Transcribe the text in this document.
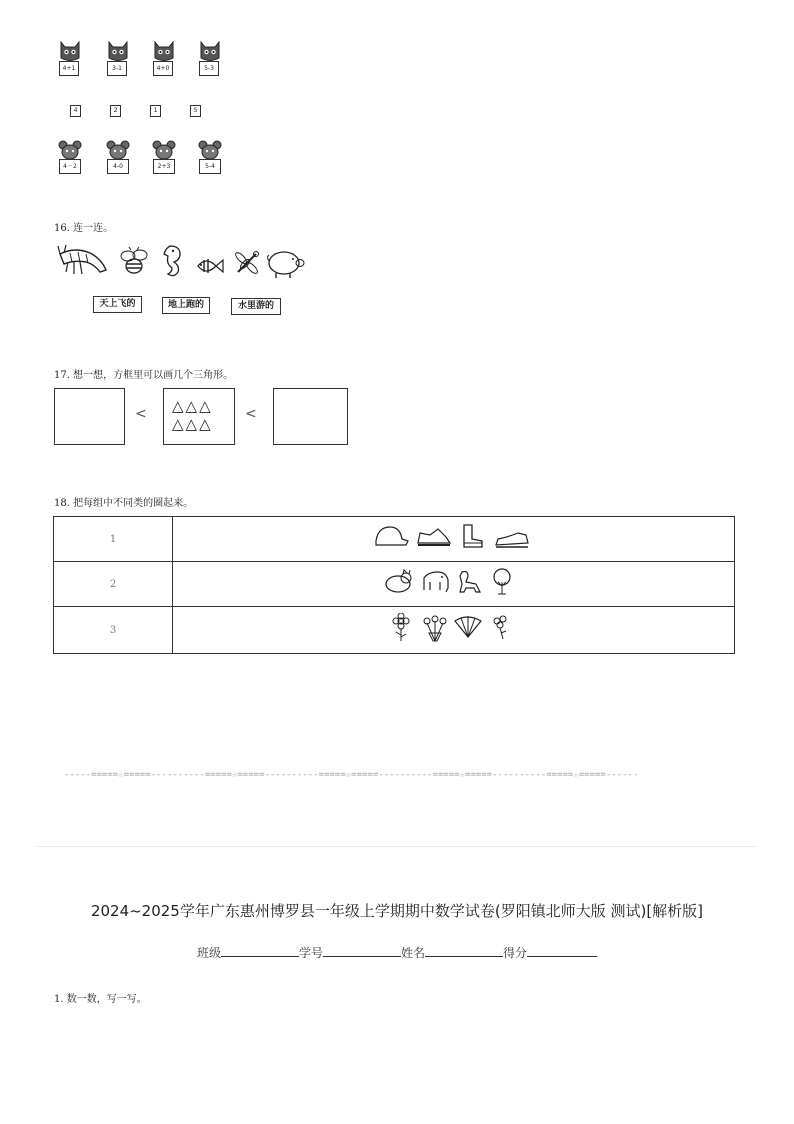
4+1	3-1	4+0	5-3
4	2	1	5
4－2	4-0	2+3	5-4
16. 连一连。
天上飞的	地上跑的	水里游的
17. 想一想，方框里可以画几个三角形。
< △△△
△△△
<
18. 把每组中不同类的圈起来。
1	
2	
3	
-----=====☆=====----------=====☆=====----------=====☆=====----------=====☆=====----------=====☆=====------
2024~2025学年广东惠州博罗县一年级上学期期中数学试卷(罗阳镇北师大版 测试)[解析版]
班级	学号	姓名	得分
1. 数一数，写一写。
